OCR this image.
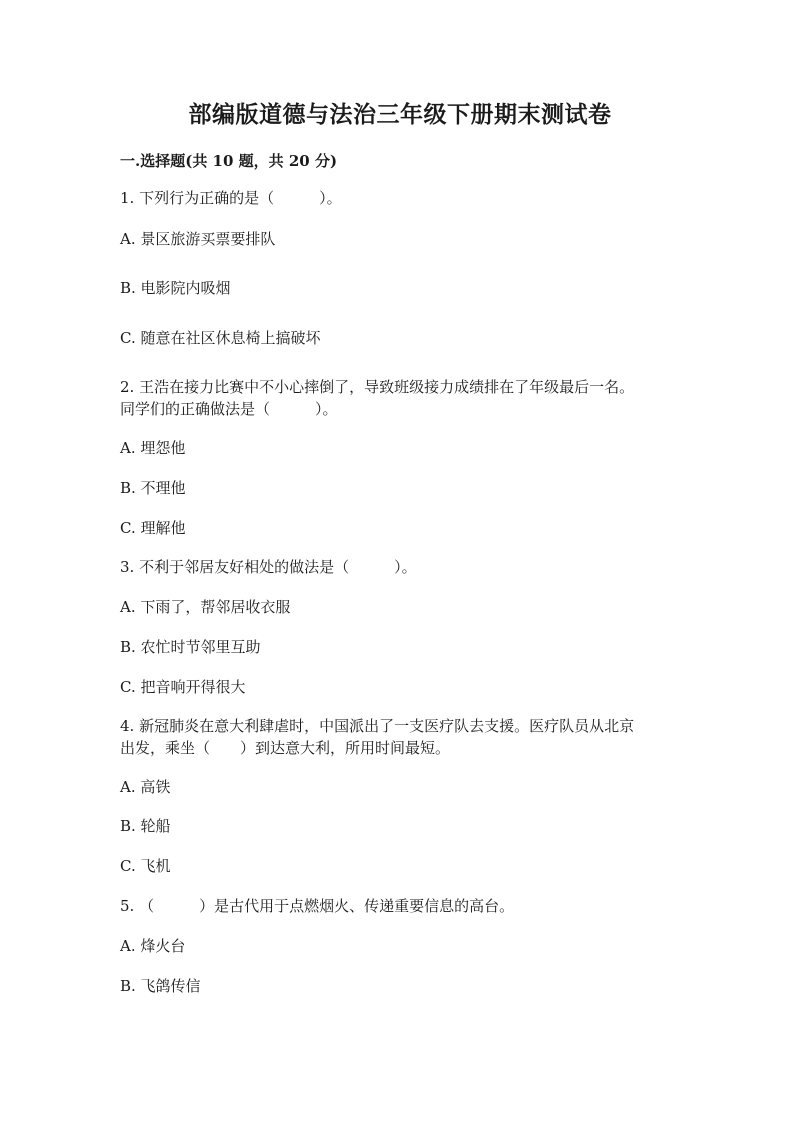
部编版道德与法治三年级下册期末测试卷

一.选择题(共 10 题，共 20 分)

1. 下列行为正确的是（　　　）。

A. 景区旅游买票要排队

B. 电影院内吸烟

C. 随意在社区休息椅上搞破坏

2. 王浩在接力比赛中不小心摔倒了，导致班级接力成绩排在了年级最后一名。

同学们的正确做法是（　　　）。

A. 埋怨他

B. 不理他

C. 理解他

3. 不利于邻居友好相处的做法是（　　　）。

A. 下雨了，帮邻居收衣服

B. 农忙时节邻里互助

C. 把音响开得很大

4. 新冠肺炎在意大利肆虐时，中国派出了一支医疗队去支援。医疗队员从北京

出发，乘坐（　　）到达意大利，所用时间最短。

A. 高铁

B. 轮船

C. 飞机

5. （　　　）是古代用于点燃烟火、传递重要信息的高台。

A. 烽火台

B. 飞鸽传信
